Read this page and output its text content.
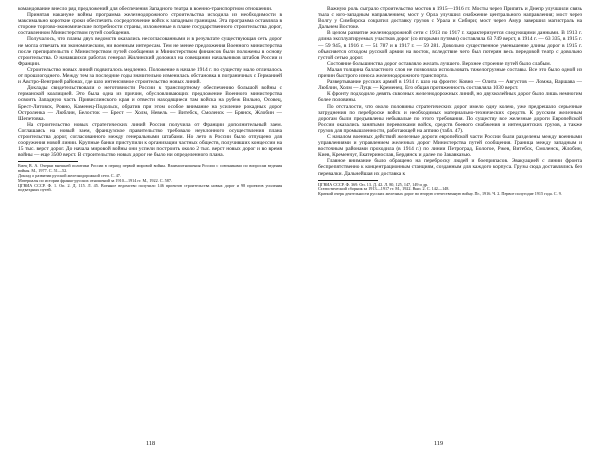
командование внесло ряд предложений для обеспечения Западного театра в военно-транспортном отношении.

Принятая накануне войны программа железнодорожного строительства исходила из необходимости в максимально короткие сроки обеспечить сосредоточение войск к западным границам. Эта программа оставляла в стороне торгово-экономические потребности страны, изложенные в плане государственного строительства дорог, составленном Министерством путей сообщения.

Получалось, что планы двух ведомств оказались несогласованными и в результате существующая сеть дорог не могла отвечать ни экономическим, ни военным интересам. Тем не менее предложения Военного министерства после препирательств с Министерством путей сообщения и Министерством финансов были положены в основу строительства. О начавшихся работах генерал Жилинский доложил на совещании начальников штабов России и Франции.

Строительство новых линий подвигалось медленно. Положение в начале 1914 г. по существу мало отличалось от прошлогоднего. Между тем за последние годы значительно изменилась обстановка в пограничных с Германией и Австро-Венгрией районах, где шло интенсивное строительство новых линий.

Доклады свидетельствовали о неготовности России к транспортному обеспечению большой войны с германской коалицией. Это была одна из причин, обусловливающих предложение Военного министерства освоить Западную часть Привислинского края и отвести находящиеся там войска на рубеж Вильно, Осовец, Брест-Литовск, Ровно, Каменец-Подольск, обратив при этом особое внимание на усиление рокадных дорог Остроленка — Люблин, Белосток — Брест — Холм, Невель — Витебск, Смоленск — Брянск, Жлобин — Шепетовка.

На строительство новых стратегических линий Россия получила от Франции дополнительный заем. Соглашаясь на новый заем, французское правительство требовало неуклонного осуществления плана строительства дорог, согласованного между генеральными штабами. Но лето в России было отпущено для сооружения новой линии. Крупные банки приступили к организации частных обществ, получивших концессии на 15 тыс. верст дорог. До начала мировой войны они успели построить около 2 тыс. верст новых дорог и во время войны — еще 3500 верст. В строительство новых дорог не было ни определенного плана.

Емец В. А. Очерки внешней политики России в период первой мировой войны. Взаимоотношения России с союзниками по вопросам ведения войны. М., 1977. С. 51—52.

Доклад о развитии русской железнодорожной сети. С. 47.

Материалы по истории франко-русских отношений за 1910—1914 гг. М., 1922. С. 587.

ЦГВИА СССР. Ф. 1. Оп. 2. Д. 115. Л. 45. Военное ведомство получило 146 проектов строительства новых дорог и 98 проектов усиления подъездных путей.

Важную роль сыграло строительство мостов в 1915—1916 гг. Мосты через Припять и Днепр улучшили связь тыла с юго-западным направлением; мост у Орла улучшил снабжение центрального направления; мост через Волгу у Симбирска сократил доставку грузов с Урала и Сибири; мост через Амур завершил магистраль на Дальнем Востоке.

В целом развитие железнодорожной сети с 1913 по 1917 г. характеризуется следующими данными. В 1913 г. длина эксплуатируемых участков дорог (со вторыми путями) составляла 63 749 верст, в 1914 г. — 63 335, в 1915 г. — 59 945, в 1916 г. — 51 787 и в 1917 г. — 59 281. Довольно существенное уменьшение длины дорог в 1915 г. объясняется отходом русской армии на восток, вследствие чего был потерян весь передовой театр с довольно густой сетью дорог.

Состояние большинства дорог оставляло желать лучшего. Верхнее строение путей было слабым.

Малая толщина балластного слоя не позволяла использовать тяжелогрузные составы. Все это было одной из причин быстрого износа железнодорожного транспорта.

Развертывание русских армий в 1914 г. шло на фронте: Ковно — Олита — Августов — Ломжа, Варшава — Люблин, Холм — Луцк — Кременец. Его общая протяженность составляла 1030 верст.

К фронту подходило девять сквозных железнодорожных линий, но двухколейных дорог было лишь немногим более половины.

По отсталости, что около половины стратегических дорог имело одну колею, уже предрешало серьезные затруднения по переброске войск и необходимых материально-технических средств. К русским железным дорогам были предъявлены небывалые по этого требования. По существу все железные дороги Европейской России оказались занятыми перевозками войск, средств боевого снабжения и интендантских грузов, а также грузов для промышленности, работающей на armию (табл. 47).

С началом военных действий железные дороги европейской части России были разделены между военными управлениями и управлением железных дорог Министерства путей сообщения. Граница между западным и восточным районами проходила (в 1914 г.) по линии Петроград, Бологое, Ржев, Витебск, Смоленск, Жлобин, Киев, Кременчуг, Екатеринослав, Бердянск и далее по Закавказью.

Главное внимание было обращено на переброску людей и боеприпасов. Эвакуацией с линии фронта беспрепятственно к концентрационным станциям, созданным для каждого корпуса. Грузы сюда доставлялись без перевалки. Дальнейшая их доставка к

ЦГВИА СССР. Ф. 369. Оп. 13. Д. 42. Л. 80, 125, 147, 149 и др.

Статистический сборник за 1913—1917 гг. М., 1922. Вып. 2. С. 142—148.

Краткий очерк деятельности русских железных дорог во вторую отечественную войну. Пг., 1916. Ч. 2. Первое полугодие 1915 года. С. 9.

118	119
